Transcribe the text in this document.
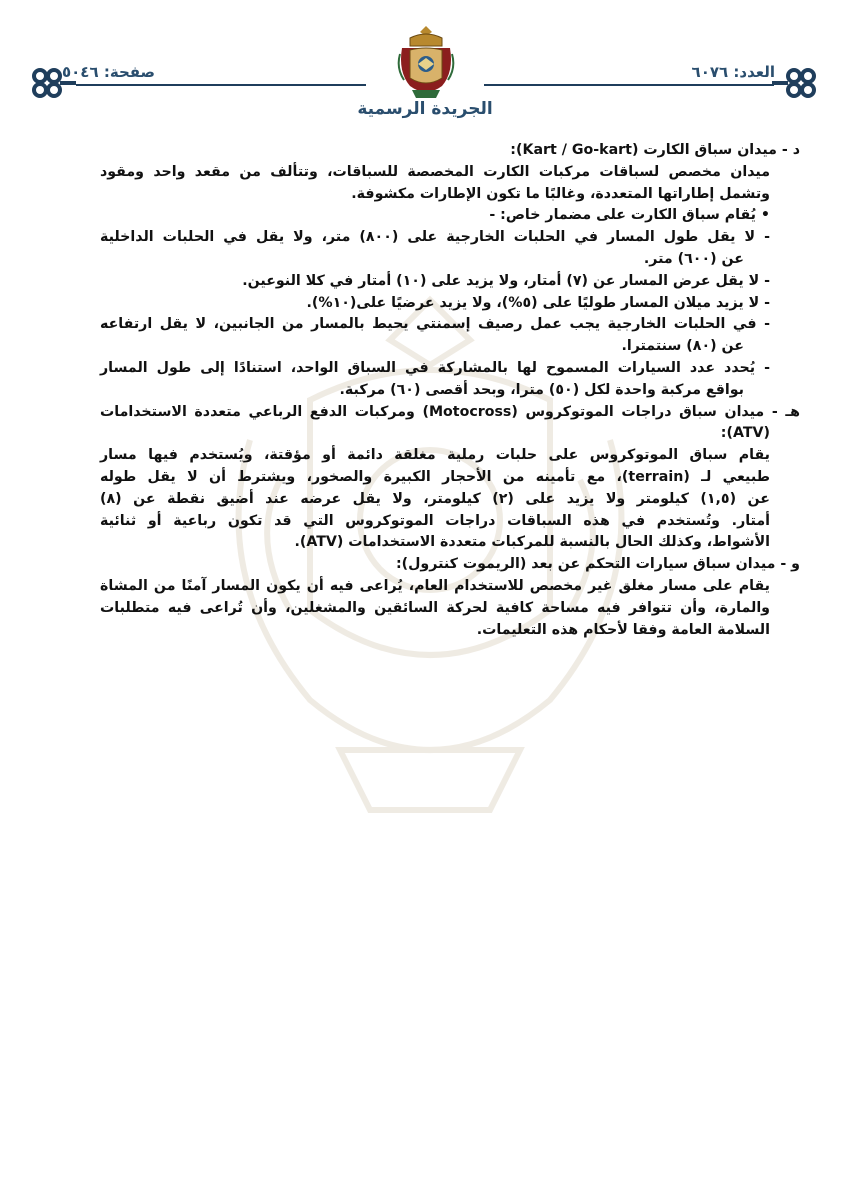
العدد: ٦٠٧٦
صفحة: ٥٠٤٦
الجريدة الرسمية
د - ميدان سباق الكارت (Kart / Go-kart):
ميدان مخصص لسباقات مركبات الكارت المخصصة للسباقات، وتتألف من مقعد واحد ومقود
وتشمل إطاراتها المتعددة، وغالبًا ما تكون الإطارات مكشوفة.
• يُقام سباق الكارت على مضمار خاص: -
- لا يقل طول المسار في الحلبات الخارجية على (٨٠٠) متر، ولا يقل في الحلبات الداخلية
عن (٦٠٠) متر.
- لا يقل عرض المسار عن (٧) أمتار، ولا يزيد على (١٠) أمتار في كلا النوعين.
- لا يزيد ميلان المسار طوليًا على (٥%)، ولا يزيد عرضيًا على(١٠%).
- في الحلبات الخارجية يجب عمل رصيف إسمنتي يحيط بالمسار من الجانبين، لا يقل ارتفاعه
عن (٨٠) سنتمترا.
- يُحدد عدد السيارات المسموح لها بالمشاركة في السباق الواحد، استنادًا إلى طول المسار
بواقع مركبة واحدة لكل (٥٠) مترا، وبحد أقصى (٦٠) مركبة.
هـ - ميدان سباق دراجات الموتوكروس (Motocross) ومركبات الدفع الرباعي متعددة الاستخدامات
(ATV):
يقام سباق الموتوكروس على حلبات رملية مغلقة دائمة أو مؤقتة، ويُستخدم فيها مسار
طبيعي لـ (terrain)، مع تأمينه من الأحجار الكبيرة والصخور، ويشترط أن لا يقل طوله
عن (١,٥) كيلومتر ولا يزيد على (٢) كيلومتر، ولا يقل عرضه عند أضيق نقطة عن (٨)
أمتار. وتُستخدم في هذه السباقات دراجات الموتوكروس التي قد تكون رباعية أو ثنائية
الأشواط، وكذلك الحال بالنسبة للمركبات متعددة الاستخدامات (ATV).
و - ميدان سباق سيارات التحكم عن بعد (الريموت كنترول):
يقام على مسار مغلق غير مخصص للاستخدام العام، يُراعى فيه أن يكون المسار آمنًا من المشاة
والمارة، وأن تتوافر فيه مساحة كافية لحركة السائقين والمشغلين، وأن تُراعى فيه متطلبات
السلامة العامة وفقا لأحكام هذه التعليمات.
